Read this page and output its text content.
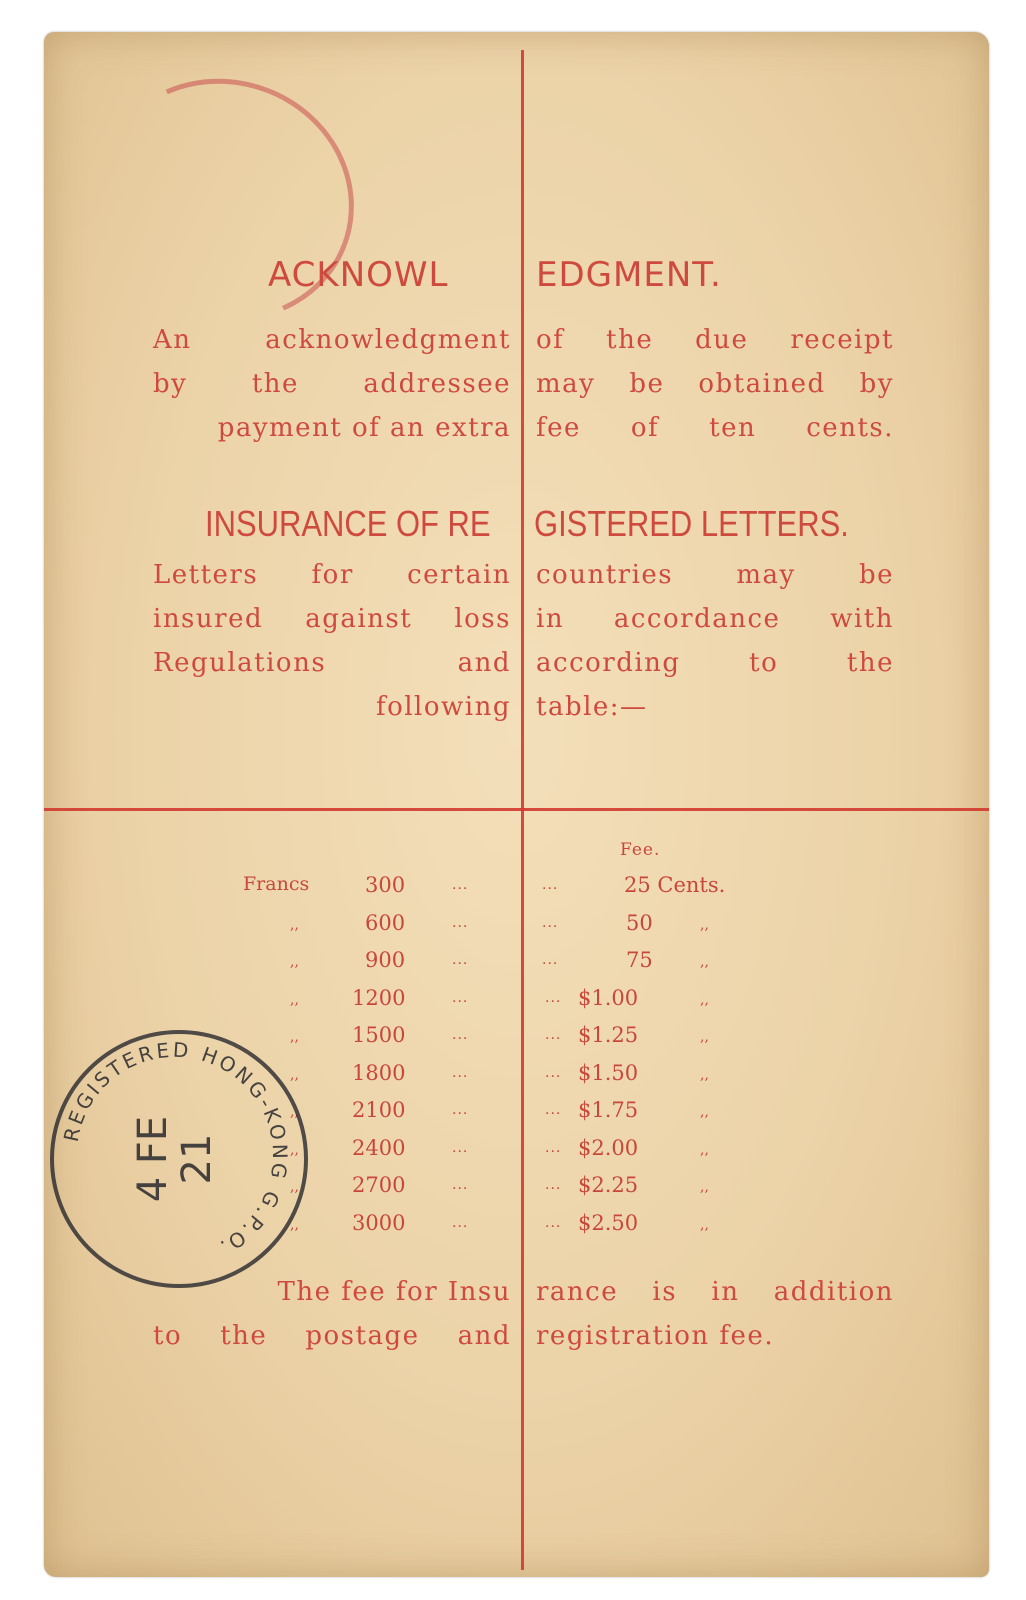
ACKNOWL	EDGMENT.
An acknowledgment
by the addressee
payment of an extra
of the due receipt
may be obtained by
fee of ten cents.
INSURANCE OF RE GISTERED LETTERS.
Letters for certain
insured against loss
Regulations and
following
countries may be
in accordance with
according to the
table:—
Fee.
Francs	300	...	...	25 Cents.
,,	600	...	...	50	,,
,,	900	...	...	75	,,
,,	1200	...	... $1.00	,,
,,	1500	...	... $1.25	,,
,,	1800	...	... $1.50	,,
,,	2100	...	... $1.75	,,
,,	2400	...	... $2.00	,,
,,	2700	...	... $2.25	,,
,,	3000	...	... $2.50	,,
The fee for Insu
to the postage and
rance is in addition
registration fee.
REGISTERED HONG-KONG G.P.O.
4 FE
21
